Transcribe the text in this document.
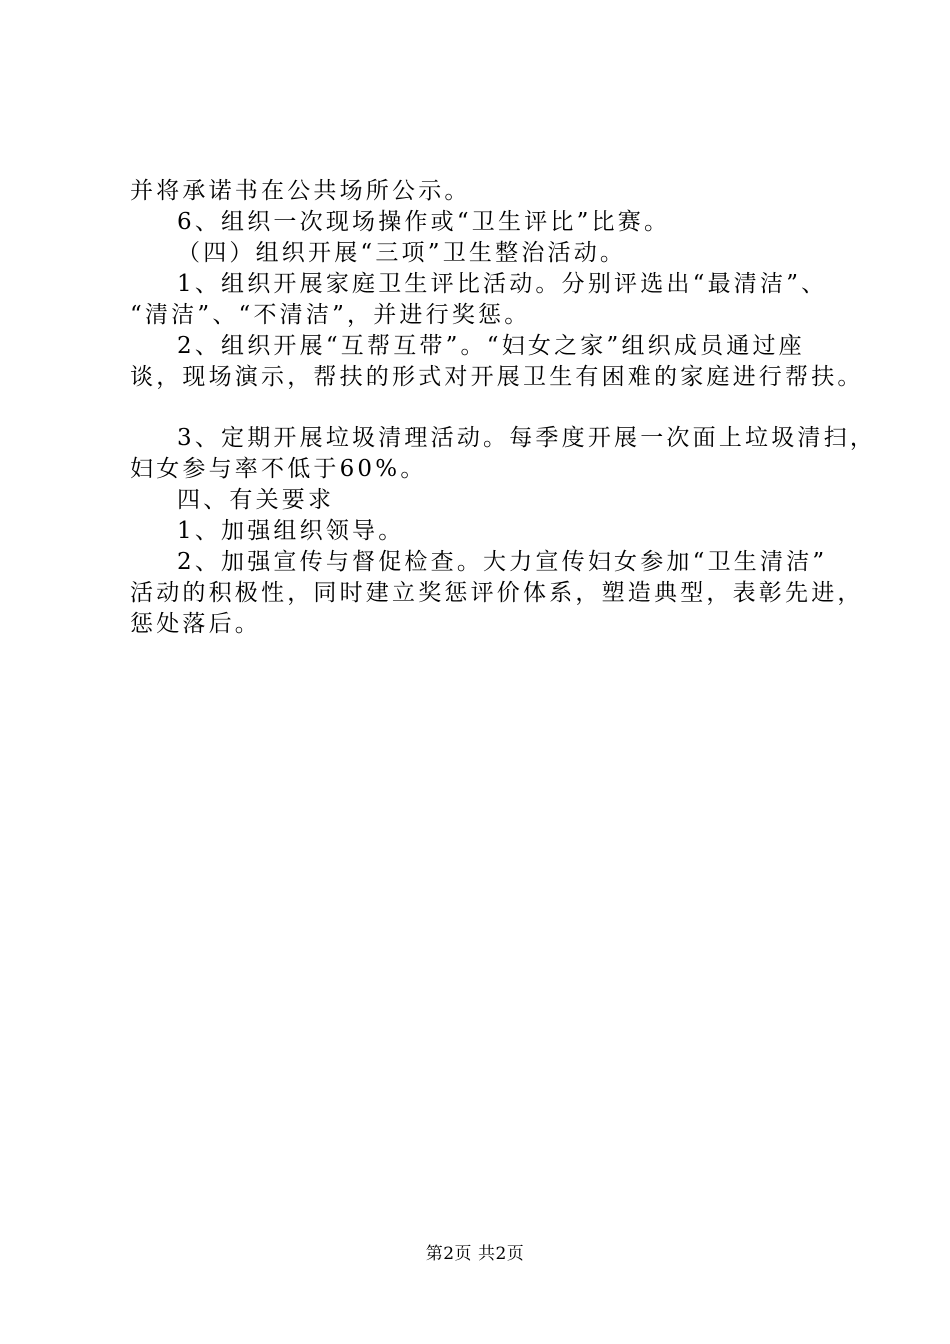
并将承诺书在公共场所公示。
6、组织一次现场操作或“卫生评比”比赛。
（四）组织开展“三项”卫生整治活动。
1、组织开展家庭卫生评比活动。分别评选出“最清洁”、
“清洁”、“不清洁”，并进行奖惩。
2、组织开展“互帮互带”。“妇女之家”组织成员通过座
谈，现场演示，帮扶的形式对开展卫生有困难的家庭进行帮扶。
3、定期开展垃圾清理活动。每季度开展一次面上垃圾清扫，
妇女参与率不低于60%。
四、有关要求
1、加强组织领导。
2、加强宣传与督促检查。大力宣传妇女参加“卫生清洁”
活动的积极性，同时建立奖惩评价体系，塑造典型，表彰先进，
惩处落后。
第2页 共2页
